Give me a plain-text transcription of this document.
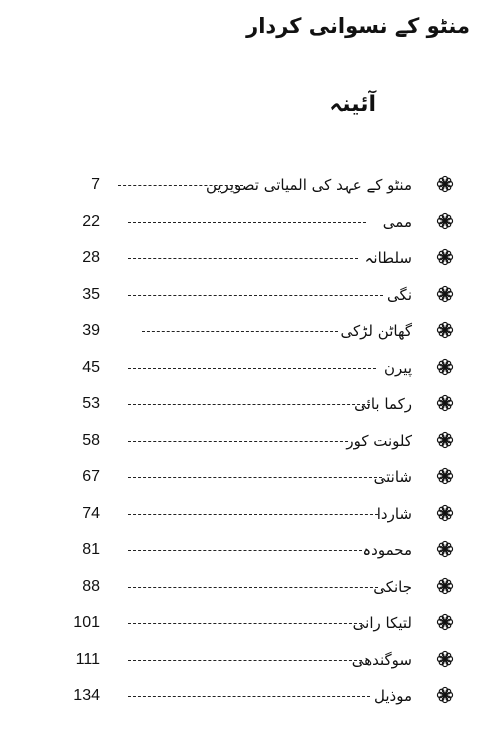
منٹو کے نسوانی کردار
آئینہ
منٹو کے عہد کی المیاتی تصویریں
7
ممی
22
سلطانہ
28
نگی
35
گھاٹن لڑکی
39
پیرن
45
رکما بائی
53
کلونت کور
58
شانتی
67
شاردا
74
محمودہ
81
جانکی
88
لتیکا رانی
101
سوگندھی
111
موذیل
134
